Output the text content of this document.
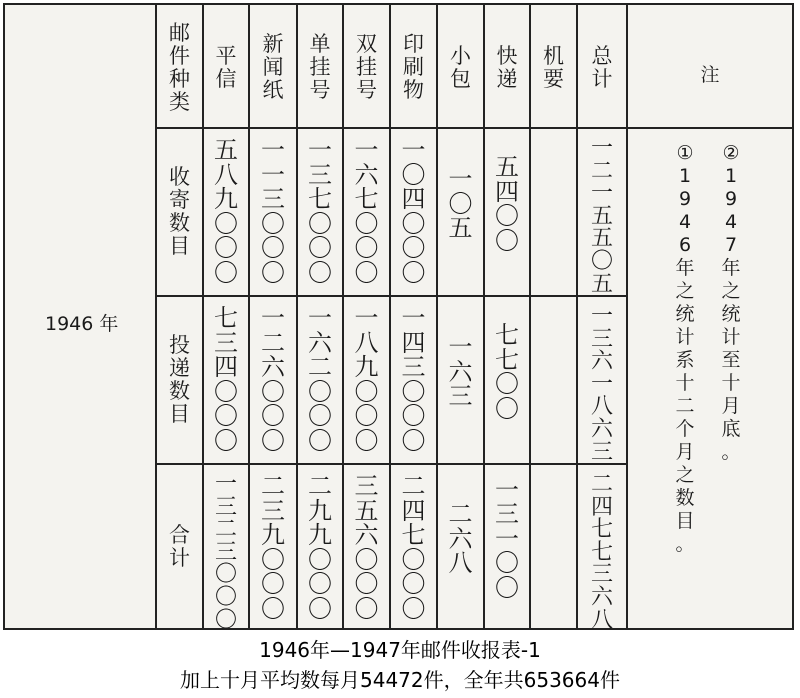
1946 年
邮
件
种
类
平
信
新
闻
纸
单
挂
号
双
挂
号
印
刷
物
小
包
快
递
机
要
总
计	注
收
寄
数
目
五
八
九
〇
〇
〇
一
一
三
〇
〇
〇
一
三
七
〇
〇
〇
一
六
七
〇
〇
〇
一
〇
四
〇
〇
〇
一
〇
五
五
四
〇
〇
一
二
一
五
五
〇
五
投
递
数
目
七
三
四
〇
〇
〇
一
二
六
〇
〇
〇
一
六
二
〇
〇
〇
一
八
九
〇
〇
〇
一
四
三
〇
〇
〇
一
六
三
七
七
〇
〇
一
三
六
一
八
六
三
合
计
一
三
二
三
〇
〇
〇
二
三
九
〇
〇
〇
二
九
九
〇
〇
〇
三
五
六
〇
〇
〇
二
四
七
〇
〇
〇
二
六
八
一
三
一
〇
〇
二
四
七
七
三
六
八
①
1
9
4
6
年
之
统
计
系
十
二
个
月
之
数
目
。
②
1
9
4
7
年
之
统
计
至
十
月
底
。
1946年—1947年邮件收报表-1
加上十月平均数每月54472件，全年共653664件
